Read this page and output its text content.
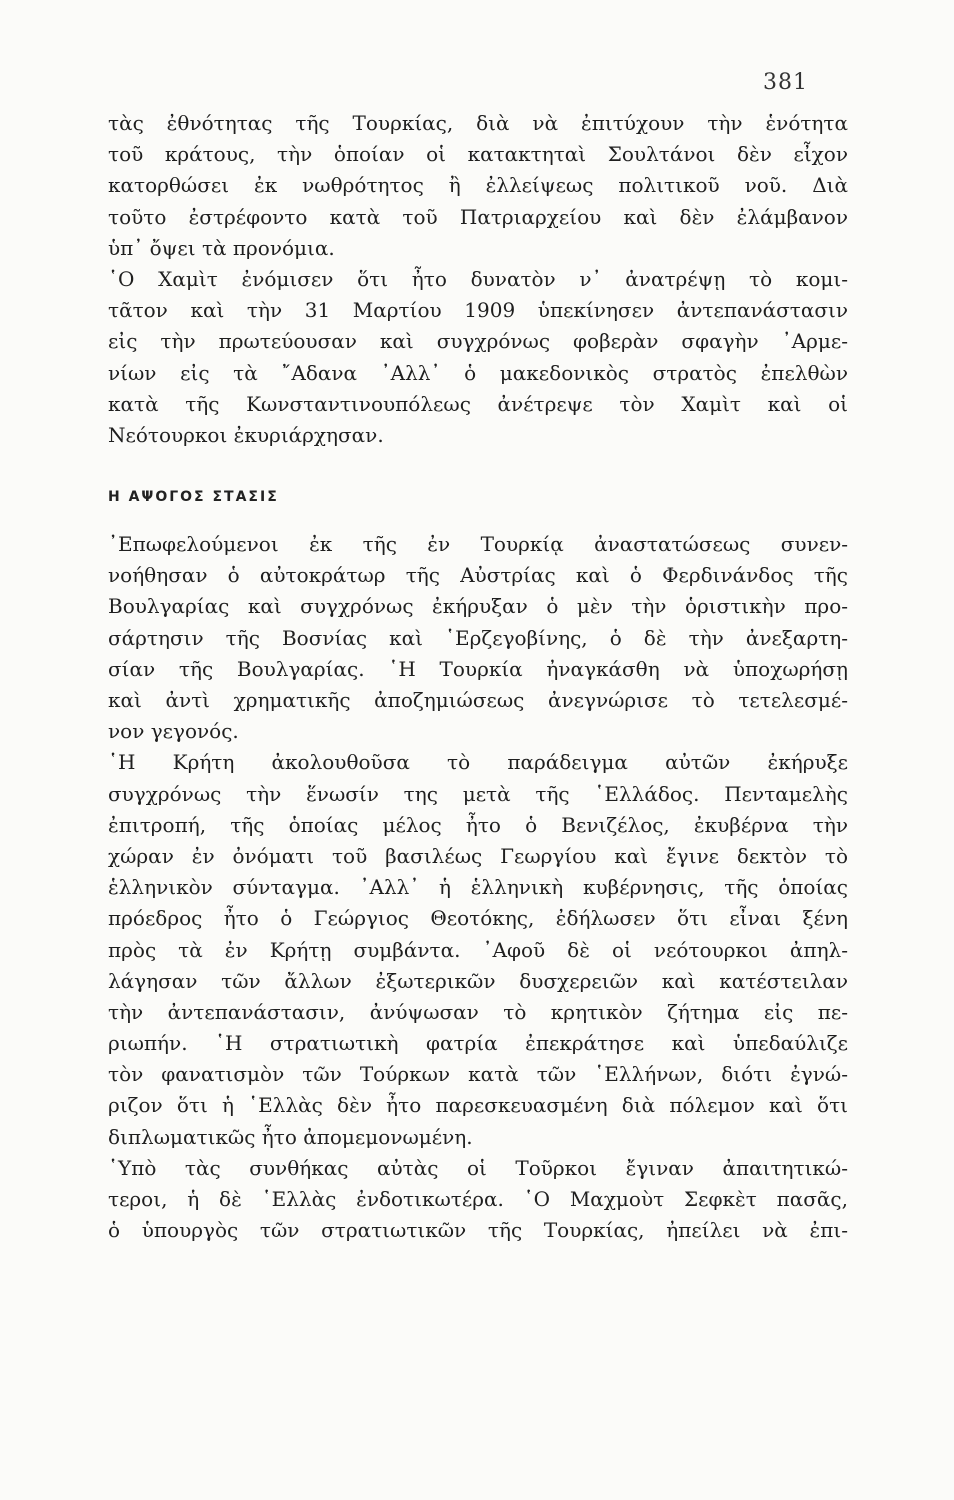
381
τὰς ἐθνότητας τῆς Τουρκίας, διὰ νὰ ἐπιτύχουν τὴν ἑνότητα
τοῦ κράτους, τὴν ὁποίαν οἱ κατακτηταὶ Σουλτάνοι δὲν εἶχον
κατορθώσει ἐκ νωθρότητος ἢ ἐλλείψεως πολιτικοῦ νοῦ. Διὰ
τοῦτο ἐστρέφοντο κατὰ τοῦ Πατριαρχείου καὶ δὲν ἐλάμβανον
ὑπ᾿ ὄψει τὰ προνόμια.
῾Ο Χαμὶτ ἐνόμισεν ὅτι ἦτο δυνατὸν ν᾿ ἀνατρέψῃ τὸ κομι-
τᾶτον καὶ τὴν 31 Μαρτίου 1909 ὑπεκίνησεν ἀντεπανάστασιν
εἰς τὴν πρωτεύουσαν καὶ συγχρόνως φοβερὰν σφαγὴν ᾿Αρμε-
νίων εἰς τὰ ῎Αδανα ᾿Αλλ᾿ ὁ μακεδονικὸς στρατὸς ἐπελθὼν
κατὰ τῆς Κωνσταντινουπόλεως ἀνέτρεψε τὸν Χαμὶτ καὶ οἱ
Νεότουρκοι ἐκυριάρχησαν.
Η ΑΨΟΓΟΣ ΣΤΑΣΙΣ
᾿Επωφελούμενοι ἐκ τῆς ἐν Τουρκίᾳ ἀναστατώσεως συνεν-
νοήθησαν ὁ αὐτοκράτωρ τῆς Αὐστρίας καὶ ὁ Φερδινάνδος τῆς
Βουλγαρίας καὶ συγχρόνως ἐκήρυξαν ὁ μὲν τὴν ὁριστικὴν προ-
σάρτησιν τῆς Βοσνίας καὶ ῾Ερζεγοβίνης, ὁ δὲ τὴν ἀνεξαρτη-
σίαν τῆς Βουλγαρίας. ῾Η Τουρκία ἠναγκάσθη νὰ ὑποχωρήσῃ
καὶ ἀντὶ χρηματικῆς ἀποζημιώσεως ἀνεγνώρισε τὸ τετελεσμέ-
νον γεγονός.
῾Η Κρήτη ἀκολουθοῦσα τὸ παράδειγμα αὐτῶν ἐκήρυξε
συγχρόνως τὴν ἕνωσίν της μετὰ τῆς ῾Ελλάδος. Πενταμελὴς
ἐπιτροπή, τῆς ὁποίας μέλος ἦτο ὁ Βενιζέλος, ἐκυβέρνα τὴν
χώραν ἐν ὀνόματι τοῦ βασιλέως Γεωργίου καὶ ἔγινε δεκτὸν τὸ
ἑλληνικὸν σύνταγμα. ᾿Αλλ᾿ ἡ ἑλληνικὴ κυβέρνησις, τῆς ὁποίας
πρόεδρος ἦτο ὁ Γεώργιος Θεοτόκης, ἐδήλωσεν ὅτι εἶναι ξένη
πρὸς τὰ ἐν Κρήτῃ συμβάντα. ᾿Αφοῦ δὲ οἱ νεότουρκοι ἀπηλ-
λάγησαν τῶν ἄλλων ἐξωτερικῶν δυσχερειῶν καὶ κατέστειλαν
τὴν ἀντεπανάστασιν, ἀνύψωσαν τὸ κρητικὸν ζήτημα εἰς πε-
ριωπήν. ῾Η στρατιωτικὴ φατρία ἐπεκράτησε καὶ ὑπεδαύλιζε
τὸν φανατισμὸν τῶν Τούρκων κατὰ τῶν ῾Ελλήνων, διότι ἐγνώ-
ριζον ὅτι ἡ ῾Ελλὰς δὲν ἦτο παρεσκευασμένη διὰ πόλεμον καὶ ὅτι
διπλωματικῶς ἦτο ἀπομεμονωμένη.
῾Υπὸ τὰς συνθήκας αὐτὰς οἱ Τοῦρκοι ἔγιναν ἀπαιτητικώ-
τεροι, ἡ δὲ ῾Ελλὰς ἐνδοτικωτέρα. ῾Ο Μαχμοὺτ Σεφκὲτ πασᾶς,
ὁ ὑπουργὸς τῶν στρατιωτικῶν τῆς Τουρκίας, ἠπείλει νὰ ἐπι-
